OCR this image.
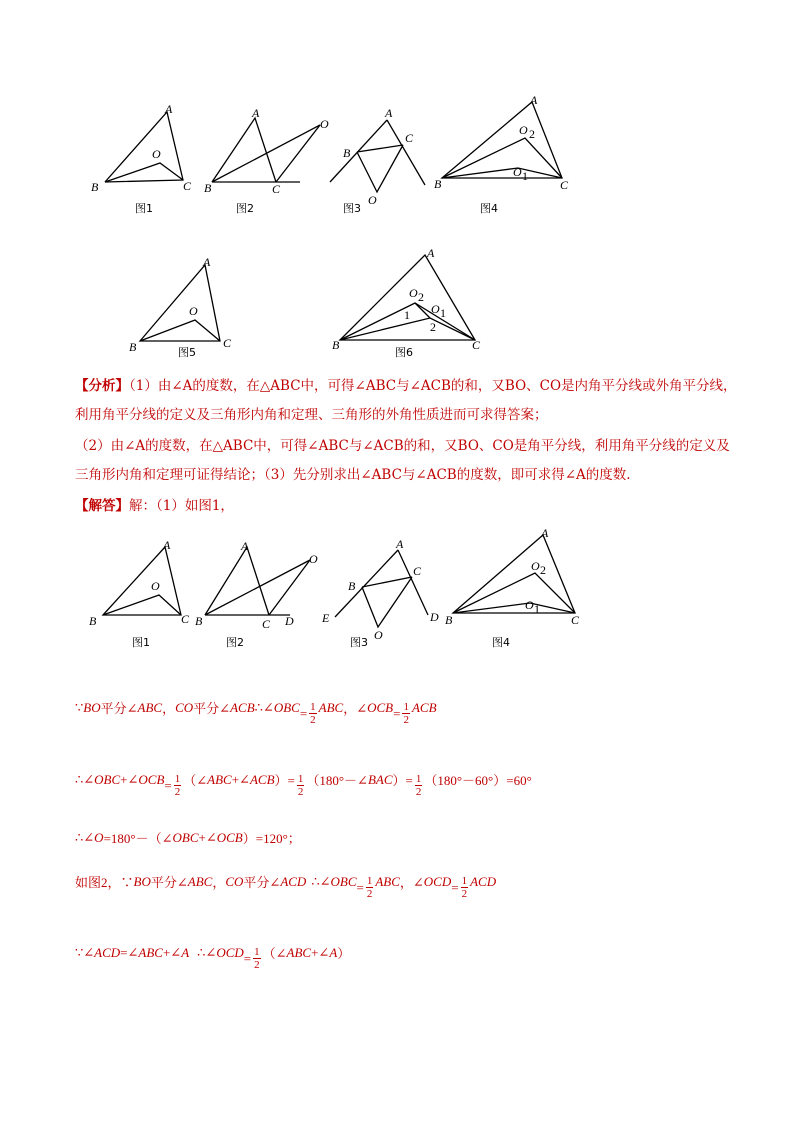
A
B	C
O
图1
A
B	C
O
图2
A
B
C
O
图3
A
B	C
O 2
O 1
图4
A
B	C
O
图5
A
B	C
O 2
O 1
1
2
图6
【分析】（1）由∠A的度数，在△ABC中，可得∠ABC与∠ACB的和，又BO、CO是内角平分线或外角平分线，利用角平分线的定义及三角形内角和定理、三角形的外角性质进而可求得答案；
（2）由∠A的度数，在△ABC中，可得∠ABC与∠ACB的和，又BO、CO是角平分线，利用角平分线的定义及三角形内角和定理可证得结论；（3）先分别求出∠ABC与∠ACB的度数，即可求得∠A的度数.
【解答】解：（1）如图1，
A
B	C
O
图1
A
B	C D
O
图2
A
B
C
D
E
O
图3
A
B	C
O 2
O 1
图4
∵ BO 平分∠ ABC ， CO 平分∠ ACB ∴∠ OBC = $\frac{1}{2}$ ABC ，∠ OCB = $\frac{1}{2}$ ACB
∴∠ OBC +∠ OCB = $\frac{1}{2}$ （∠ ABC +∠ ACB ）= $\frac{1}{2}$ （180°－∠ BAC ）= $\frac{1}{2} (180^\circ-60^\circ)=60^\circ$
∴∠ O =180°－（∠ OBC +∠ OCB ）=120°；
如图2，∵ BO 平分∠ ABC ， CO 平分∠ ACD ∴∠ OBC = $\frac{1}{2}$ ABC ，∠ OCD = $\frac{1}{2}$ ACD
∵∠ ACD =∠ ABC +∠ A ∴∠ OCD = $\frac{1}{2}$ （∠ ABC +∠ A ）
